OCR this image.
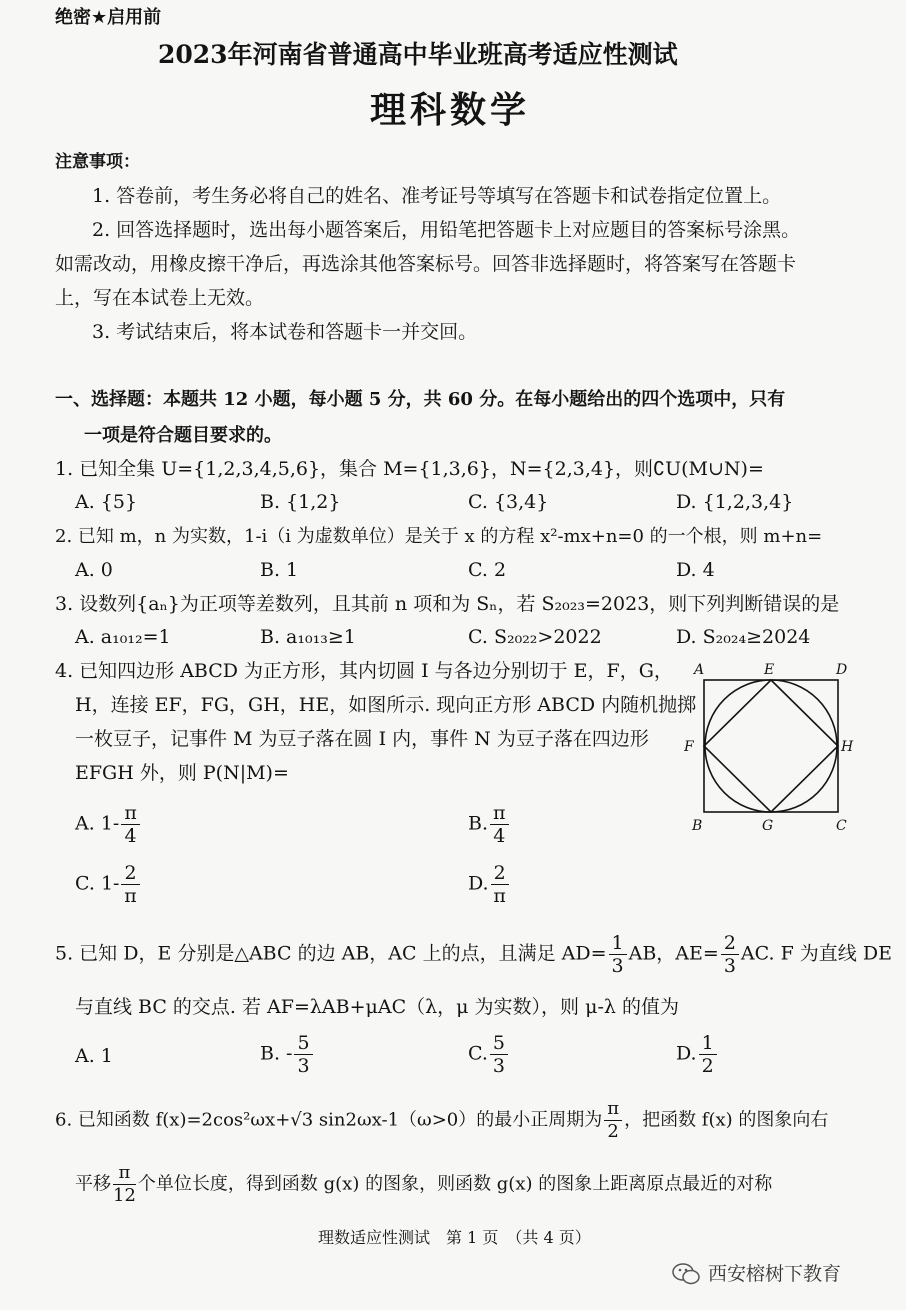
绝密★启用前
2023年河南省普通高中毕业班高考适应性测试
理科数学
注意事项：
1. 答卷前，考生务必将自己的姓名、准考证号等填写在答题卡和试卷指定位置上。
2. 回答选择题时，选出每小题答案后，用铅笔把答题卡上对应题目的答案标号涂黑。
如需改动，用橡皮擦干净后，再选涂其他答案标号。回答非选择题时，将答案写在答题卡
上，写在本试卷上无效。
3. 考试结束后，将本试卷和答题卡一并交回。
一、选择题：本题共 12 小题，每小题 5 分，共 60 分。在每小题给出的四个选项中，只有
一项是符合题目要求的。
1. 已知全集 U={1,2,3,4,5,6}，集合 M={1,3,6}，N={2,3,4}，则∁U(M∪N)=
A. {5}	B. {1,2}	C. {3,4}	D. {1,2,3,4}
2. 已知 m，n 为实数，1-i（i 为虚数单位）是关于 x 的方程 x²-mx+n=0 的一个根，则 m+n=
A. 0	B. 1	C. 2	D. 4
3. 设数列{aₙ}为正项等差数列，且其前 n 项和为 Sₙ，若 S₂₀₂₃=2023，则下列判断错误的是
A. a₁₀₁₂=1	B. a₁₀₁₃≥1	C. S₂₀₂₂>2022	D. S₂₀₂₄≥2024
4. 已知四边形 ABCD 为正方形，其内切圆 I 与各边分别切于 E，F，G，
H，连接 EF，FG，GH，HE，如图所示. 现向正方形 ABCD 内随机抛掷
一枚豆子，记事件 M 为豆子落在圆 I 内，事件 N 为豆子落在四边形
EFGH 外，则 P(N|M)=
A. $1- \frac{\pi}{4}$	B. $\frac{\pi}{4}$
C. $1- \frac{2}{\pi}$	D. $\frac{2}{\pi}$
A	E	D
F	H
B	G	C
5. 已知 D，E 分别是△ABC 的边 AB，AC 上的点，且满足 $AD= \frac{1}{3}$ AB，$AE= \frac{2}{3}$ AC. F 为直线 DE
与直线 BC 的交点. 若 AF=λAB+μAC（λ，μ 为实数），则 μ-λ 的值为
A. 1	B. - $\frac{5}{3}$	C. $\frac{5}{3}$	D. $\frac{1}{2}$
6. 已知函数 f(x)=2cos²ωx+√3 sin2ωx-1（ω>0）的最小正周期为 $\frac{\pi}{2}$ ，把函数 f(x) 的图象向右
平移 $\frac{\pi}{12}$ 个单位长度，得到函数 g(x) 的图象，则函数 g(x) 的图象上距离原点最近的对称
理数适应性测试　第 1 页　（共 4 页）
西安榕树下教育
